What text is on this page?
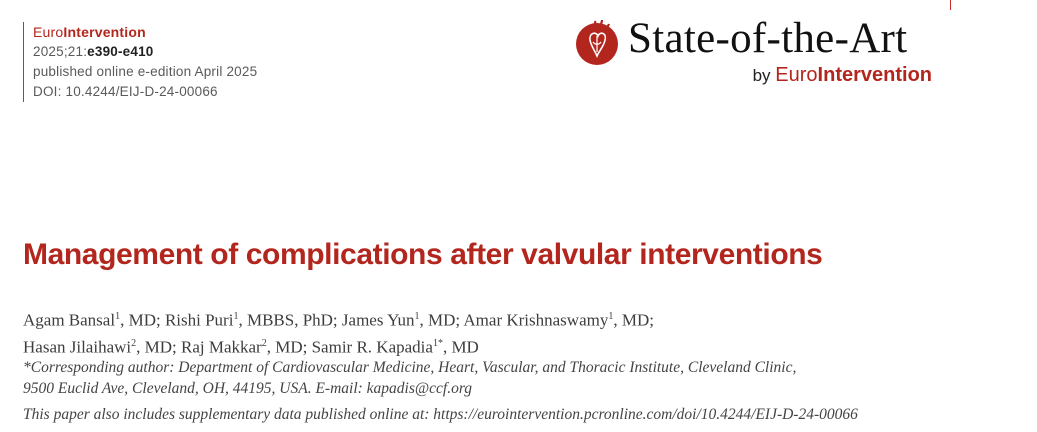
EuroIntervention
2025;21:e390-e410
published online e-edition April 2025
DOI: 10.4244/EIJ-D-24-00066
State-of-the-Art
by EuroIntervention
Management of complications after valvular interventions
Agam Bansal$^1$, MD; Rishi Puri$^1$, MBBS, PhD; James Yun$^1$, MD; Amar Krishnaswamy$^1$, MD;
Hasan Jilaihawi$^2$, MD; Raj Makkar$^2$, MD; Samir R. Kapadia$^{1*}$, MD
*Corresponding author: Department of Cardiovascular Medicine, Heart, Vascular, and Thoracic Institute, Cleveland Clinic,
9500 Euclid Ave, Cleveland, OH, 44195, USA. E-mail: kapadis@ccf.org
This paper also includes supplementary data published online at: https://eurointervention.pcronline.com/doi/10.4244/EIJ-D-24-00066
